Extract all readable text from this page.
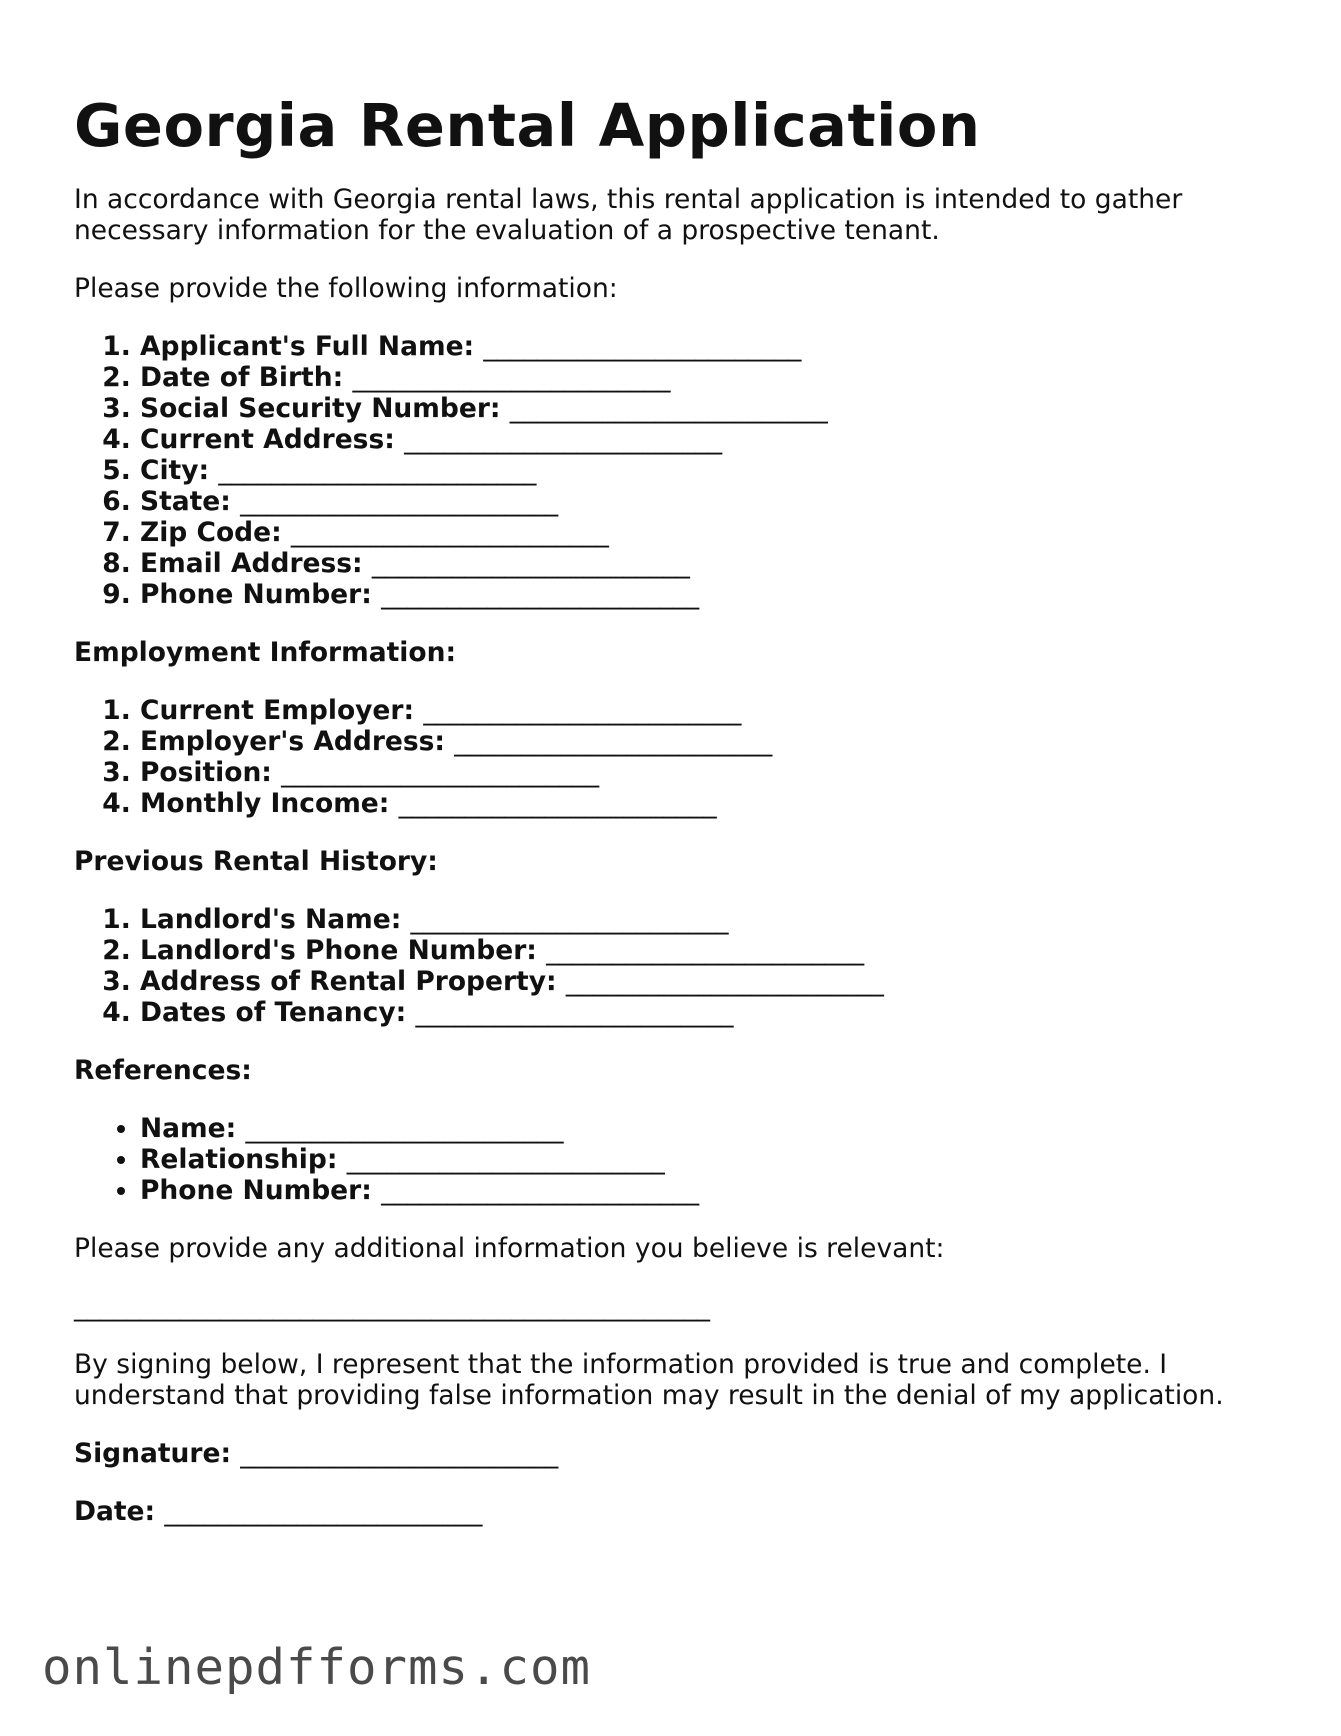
Georgia Rental Application

In accordance with Georgia rental laws, this rental application is intended to gather necessary information for the evaluation of a prospective tenant.

Please provide the following information:

1. Applicant's Full Name: ________________________
2. Date of Birth: ________________________
3. Social Security Number: ________________________
4. Current Address: ________________________
5. City: ________________________
6. State: ________________________
7. Zip Code: ________________________
8. Email Address: ________________________
9. Phone Number: ________________________

Employment Information:

1. Current Employer: ________________________
2. Employer's Address: ________________________
3. Position: ________________________
4. Monthly Income: ________________________

Previous Rental History:

1. Landlord's Name: ________________________
2. Landlord's Phone Number: ________________________
3. Address of Rental Property: ________________________
4. Dates of Tenancy: ________________________

References:

• Name: ________________________
• Relationship: ________________________
• Phone Number: ________________________

Please provide any additional information you believe is relevant:

________________________________________________

By signing below, I represent that the information provided is true and complete. I understand that providing false information may result in the denial of my application.

Signature: ________________________

Date: ________________________

onlinepdfforms.com
